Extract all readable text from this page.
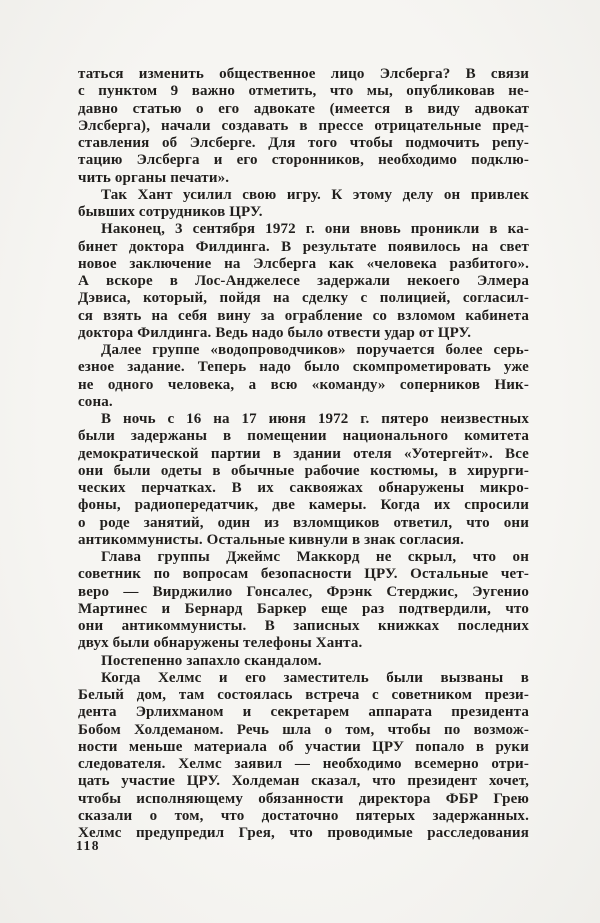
таться изменить общественное лицо Элсберга? В связи
с пунктом 9 важно отметить, что мы, опубликовав не-
давно статью о его адвокате (имеется в виду адвокат
Элсберга), начали создавать в прессе отрицательные пред-
ставления об Элсберге. Для того чтобы подмочить репу-
тацию Элсберга и его сторонников, необходимо подклю-
чить органы печати».
Так Хант усилил свою игру. К этому делу он привлек
бывших сотрудников ЦРУ.
Наконец, 3 сентября 1972 г. они вновь проникли в ка-
бинет доктора Филдинга. В результате появилось на свет
новое заключение на Элсберга как «человека разбитого».
А вскоре в Лос-Анджелесе задержали некоего Элмера
Дэвиса, который, пойдя на сделку с полицией, согласил-
ся взять на себя вину за ограбление со взломом кабинета
доктора Филдинга. Ведь надо было отвести удар от ЦРУ.
Далее группе «водопроводчиков» поручается более серь-
езное задание. Теперь надо было скомпрометировать уже
не одного человека, а всю «команду» соперников Ник-
сона.
В ночь с 16 на 17 июня 1972 г. пятеро неизвестных
были задержаны в помещении национального комитета
демократической партии в здании отеля «Уотергейт». Все
они были одеты в обычные рабочие костюмы, в хирурги-
ческих перчатках. В их саквояжах обнаружены микро-
фоны, радиопередатчик, две камеры. Когда их спросили
о роде занятий, один из взломщиков ответил, что они
антикоммунисты. Остальные кивнули в знак согласия.
Глава группы Джеймс Маккорд не скрыл, что он
советник по вопросам безопасности ЦРУ. Остальные чет-
веро — Вирджилио Гонсалес, Фрэнк Стерджис, Эугенио
Мартинес и Бернард Баркер еще раз подтвердили, что
они антикоммунисты. В записных книжках последних
двух были обнаружены телефоны Ханта.
Постепенно запахло скандалом.
Когда Хелмс и его заместитель были вызваны в
Белый дом, там состоялась встреча с советником прези-
дента Эрлихманом и секретарем аппарата президента
Бобом Холдеманом. Речь шла о том, чтобы по возмож-
ности меньше материала об участии ЦРУ попало в руки
следователя. Хелмс заявил — необходимо всемерно отри-
цать участие ЦРУ. Холдеман сказал, что президент хочет,
чтобы исполняющему обязанности директора ФБР Грею
сказали о том, что достаточно пятерых задержанных.
Хелмс предупредил Грея, что проводимые расследования
118
